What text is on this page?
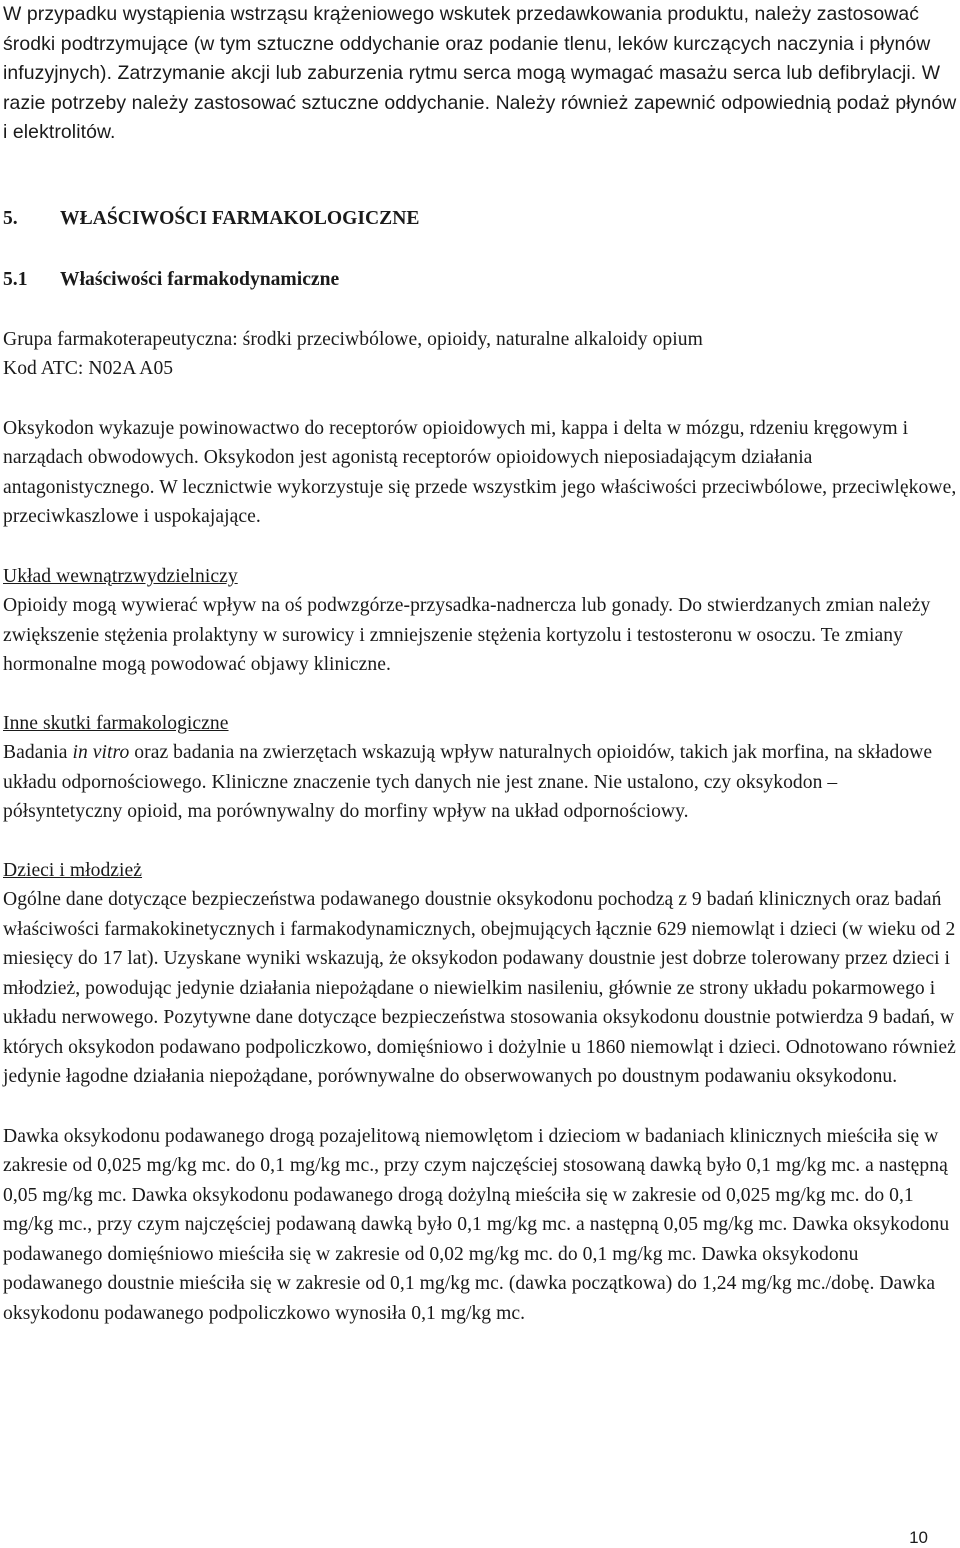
W przypadku wystąpienia wstrząsu krążeniowego wskutek przedawkowania produktu, należy zastosować środki podtrzymujące (w tym sztuczne oddychanie oraz podanie tlenu, leków kurczących naczynia i płynów infuzyjnych). Zatrzymanie akcji lub zaburzenia rytmu serca mogą wymagać masażu serca lub defibrylacji. W razie potrzeby należy zastosować sztuczne oddychanie. Należy również zapewnić odpowiednią podaż płynów i elektrolitów.

5.	WŁAŚCIWOŚCI FARMAKOLOGICZNE
5.1	Właściwości farmakodynamiczne

Grupa farmakoterapeutyczna: środki przeciwbólowe, opioidy, naturalne alkaloidy opium

Kod ATC: N02A A05

Oksykodon wykazuje powinowactwo do receptorów opioidowych mi, kappa i delta w mózgu, rdzeniu kręgowym i narządach obwodowych. Oksykodon jest agonistą receptorów opioidowych nieposiadającym działania antagonistycznego. W lecznictwie wykorzystuje się przede wszystkim jego właściwości przeciwbólowe, przeciwlękowe, przeciwkaszlowe i uspokajające.

Układ wewnątrzwydzielniczy

Opioidy mogą wywierać wpływ na oś podwzgórze-przysadka-nadnercza lub gonady. Do stwierdzanych zmian należy zwiększenie stężenia prolaktyny w surowicy i zmniejszenie stężenia kortyzolu i testosteronu w osoczu. Te zmiany hormonalne mogą powodować objawy kliniczne.

Inne skutki farmakologiczne

Badania in vitro oraz badania na zwierzętach wskazują wpływ naturalnych opioidów, takich jak morfina, na składowe układu odpornościowego. Kliniczne znaczenie tych danych nie jest znane. Nie ustalono, czy oksykodon – półsyntetyczny opioid, ma porównywalny do morfiny wpływ na układ odpornościowy.

Dzieci i młodzież

Ogólne dane dotyczące bezpieczeństwa podawanego doustnie oksykodonu pochodzą z 9 badań klinicznych oraz badań właściwości farmakokinetycznych i farmakodynamicznych, obejmujących łącznie 629 niemowląt i dzieci (w wieku od 2 miesięcy do 17 lat). Uzyskane wyniki wskazują, że oksykodon podawany doustnie jest dobrze tolerowany przez dzieci i młodzież, powodując jedynie działania niepożądane o niewielkim nasileniu, głównie ze strony układu pokarmowego i układu nerwowego. Pozytywne dane dotyczące bezpieczeństwa stosowania oksykodonu doustnie potwierdza 9 badań, w których oksykodon podawano podpoliczkowo, domięśniowo i dożylnie u 1860 niemowląt i dzieci. Odnotowano również jedynie łagodne działania niepożądane, porównywalne do obserwowanych po doustnym podawaniu oksykodonu.

Dawka oksykodonu podawanego drogą pozajelitową niemowlętom i dzieciom w badaniach klinicznych mieściła się w zakresie od 0,025 mg/kg mc. do 0,1 mg/kg mc., przy czym najczęściej stosowaną dawką było 0,1 mg/kg mc. a następną 0,05 mg/kg mc. Dawka oksykodonu podawanego drogą dożylną mieściła się w zakresie od 0,025 mg/kg mc. do 0,1 mg/kg mc., przy czym najczęściej podawaną dawką było 0,1 mg/kg mc. a następną 0,05 mg/kg mc. Dawka oksykodonu podawanego domięśniowo mieściła się w zakresie od 0,02 mg/kg mc. do 0,1 mg/kg mc. Dawka oksykodonu podawanego doustnie mieściła się w zakresie od 0,1 mg/kg mc. (dawka początkowa) do 1,24 mg/kg mc./dobę. Dawka oksykodonu podawanego podpoliczkowo wynosiła 0,1 mg/kg mc.

10
